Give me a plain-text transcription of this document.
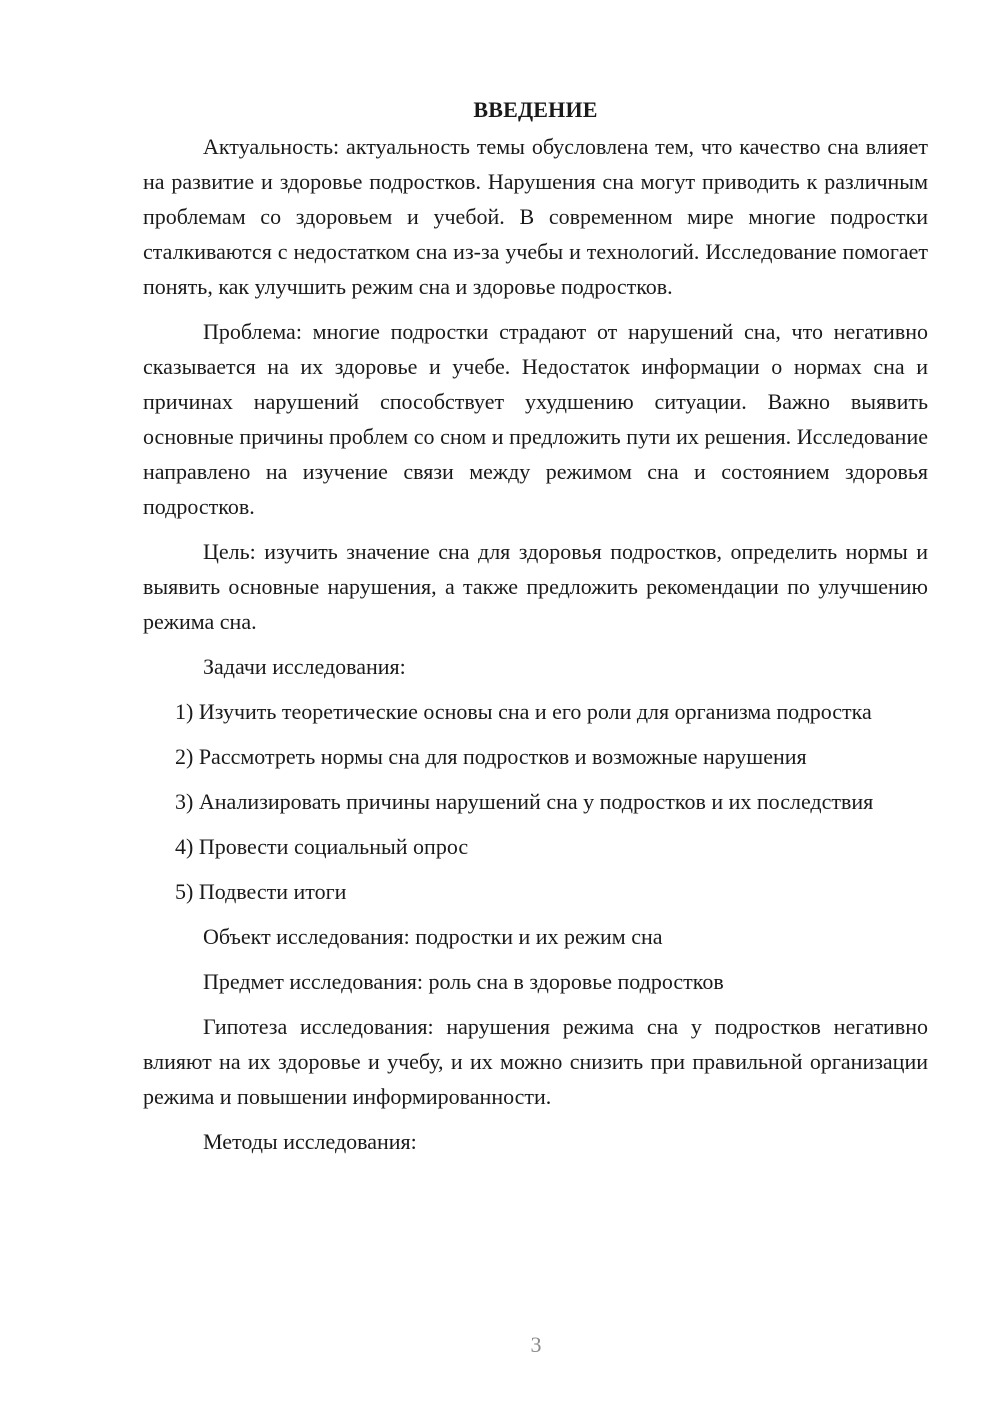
ВВЕДЕНИЕ

Актуальность: актуальность темы обусловлена тем, что качество сна влияет на развитие и здоровье подростков. Нарушения сна могут приводить к различным проблемам со здоровьем и учебой. В современном мире многие подростки сталкиваются с недостатком сна из-за учебы и технологий. Исследование помогает понять, как улучшить режим сна и здоровье подростков.

Проблема: многие подростки страдают от нарушений сна, что негативно сказывается на их здоровье и учебе. Недостаток информации о нормах сна и причинах нарушений способствует ухудшению ситуации. Важно выявить основные причины проблем со сном и предложить пути их решения. Исследование направлено на изучение связи между режимом сна и состоянием здоровья подростков.

Цель: изучить значение сна для здоровья подростков, определить нормы и выявить основные нарушения, а также предложить рекомендации по улучшению режима сна.

Задачи исследования:

1) Изучить теоретические основы сна и его роли для организма подростка

2) Рассмотреть нормы сна для подростков и возможные нарушения

3) Анализировать причины нарушений сна у подростков и их последствия

4) Провести социальный опрос

5) Подвести итоги

Объект исследования: подростки и их режим сна

Предмет исследования: роль сна в здоровье подростков

Гипотеза исследования: нарушения режима сна у подростков негативно влияют на их здоровье и учебу, и их можно снизить при правильной организации режима и повышении информированности.

Методы исследования:

3
